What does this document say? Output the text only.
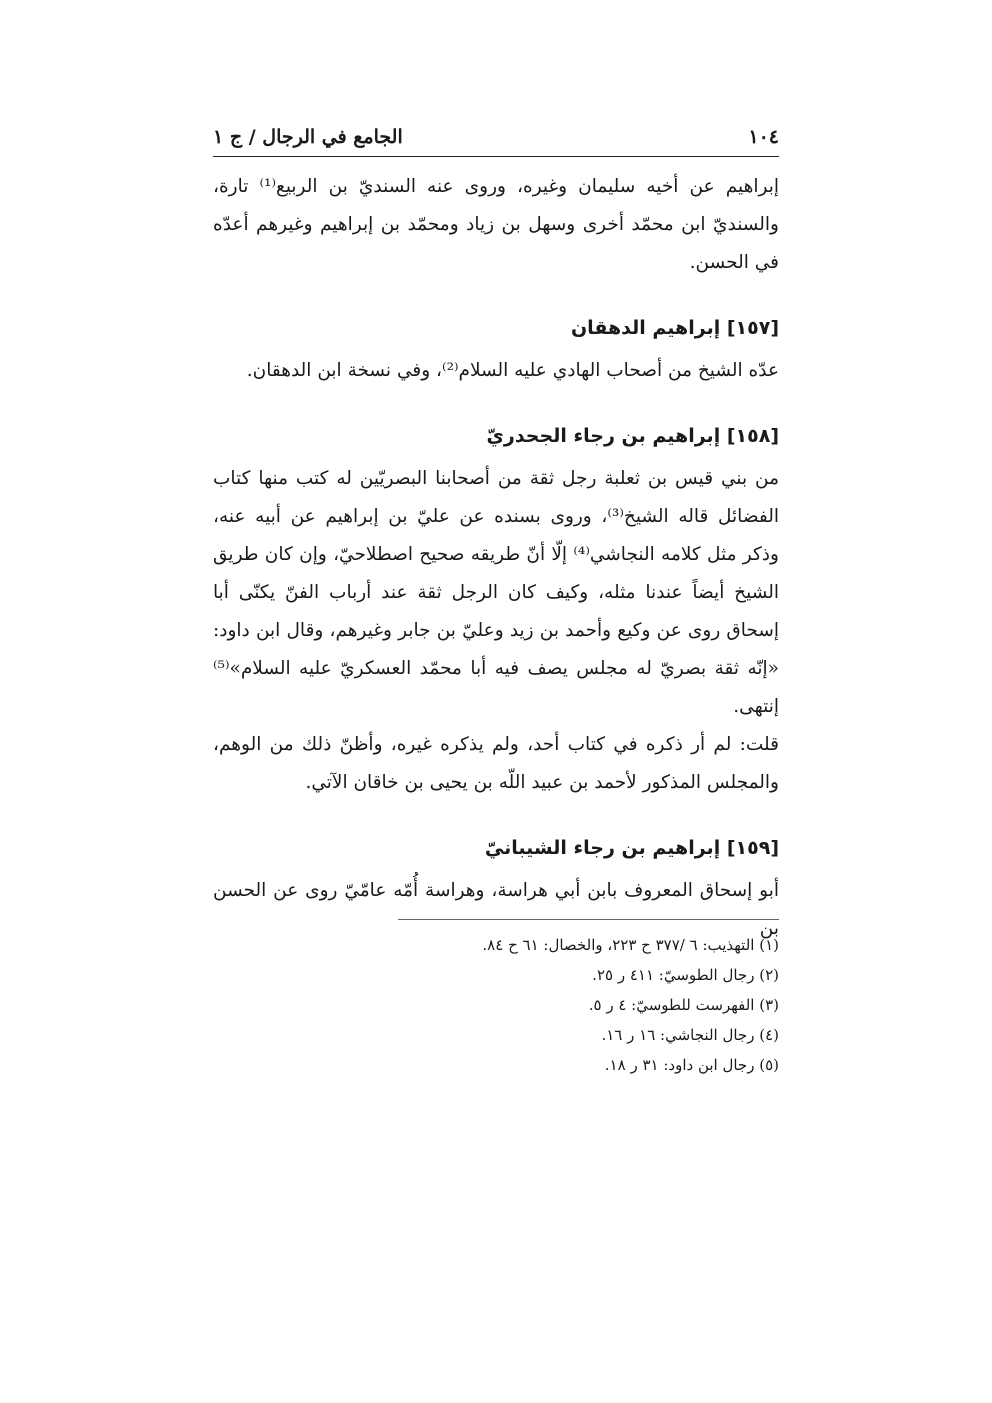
١٠٤
الجامع في الرجال / ج ١

إبراهيم عن أخيه سليمان وغيره، وروى عنه السنديّ بن الربيع⁽¹⁾ تارة، والسنديّ ابن محمّد أخرى وسهل بن زياد ومحمّد بن إبراهيم وغيرهم أعدّه في الحسن.

[١٥٧] إبراهيم الدهقان

عدّه الشيخ من أصحاب الهادي عليه السلام⁽²⁾، وفي نسخة ابن الدهقان.

[١٥٨] إبراهيم بن رجاء الجحدريّ

من بني قيس بن ثعلبة رجل ثقة من أصحابنا البصريّين له كتب منها كتاب الفضائل قاله الشيخ⁽³⁾، وروى بسنده عن عليّ بن إبراهيم عن أبيه عنه، وذكر مثل كلامه النجاشي⁽⁴⁾ إلّا أنّ طريقه صحيح اصطلاحيّ، وإن كان طريق الشيخ أيضاً عندنا مثله، وكيف كان الرجل ثقة عند أرباب الفنّ يكنّى أبا إسحاق روى عن وكيع وأحمد بن زيد وعليّ بن جابر وغيرهم، وقال ابن داود: «إنّه ثقة بصريّ له مجلس يصف فيه أبا محمّد العسكريّ عليه السلام»⁽⁵⁾ إنتهى.

قلت: لم أر ذكره في كتاب أحد، ولم يذكره غيره، وأظنّ ذلك من الوهم، والمجلس المذكور لأحمد بن عبيد اللّه بن يحيى بن خاقان الآتي.

[١٥٩] إبراهيم بن رجاء الشيبانيّ

أبو إسحاق المعروف بابن أبي هراسة، وهراسة أُمّه عامّيّ روى عن الحسن بن

(١) التهذيب: ٦ /٣٧٧ ح ٢٢٣، والخصال: ٦١ ح ٨٤.
(٢) رجال الطوسيّ: ٤١١ ر ٢٥.
(٣) الفهرست للطوسيّ: ٤ ر ٥.
(٤) رجال النجاشي: ١٦ ر ١٦.
(٥) رجال ابن داود: ٣١ ر ١٨.
